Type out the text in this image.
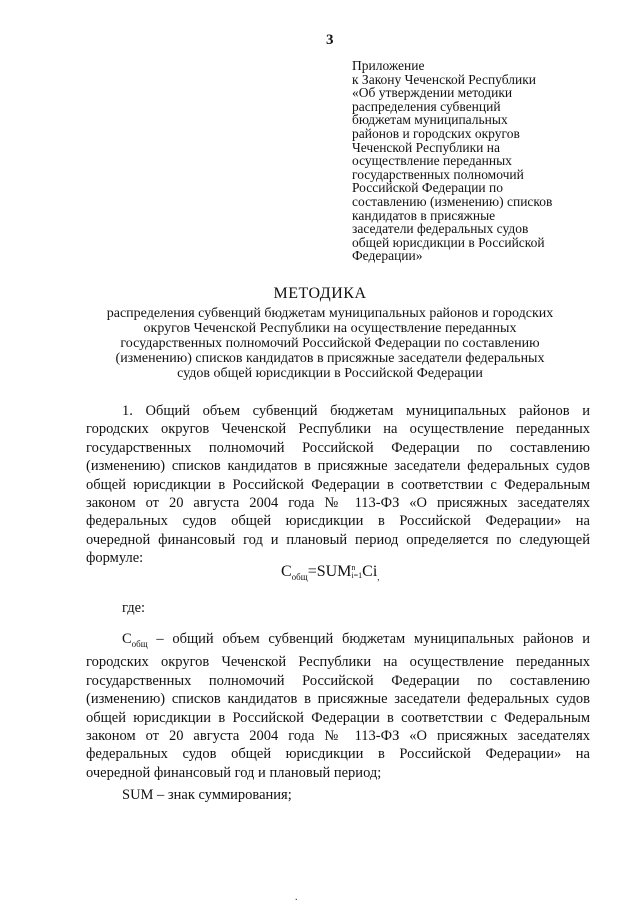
3
Приложение
к Закону Чеченской Республики
«Об утверждении методики
распределения субвенций
бюджетам муниципальных
районов и городских округов
Чеченской Республики на
осуществление переданных
государственных полномочий
Российской Федерации по
составлению (изменению) списков
кандидатов в присяжные
заседатели федеральных судов
общей юрисдикции в Российской
Федерации»
МЕТОДИКА
распределения субвенций бюджетам муниципальных районов и городских
округов Чеченской Республики на осуществление переданных
государственных полномочий Российской Федерации по составлению
(изменению) списков кандидатов в присяжные заседатели федеральных
судов общей юрисдикции в Российской Федерации
1. Общий объем субвенций бюджетам муниципальных районов и
городских округов Чеченской Республики на осуществление переданных
государственных полномочий Российской Федерации по составлению
(изменению) списков кандидатов в присяжные заседатели федеральных судов
общей юрисдикции в Российской Федерации в соответствии с Федеральным
законом от 20 августа 2004 года № 113-ФЗ «О присяжных заседателях
федеральных судов общей юрисдикции в Российской Федерации» на
очередной финансовый год и плановый период определяется по следующей
формуле:
$C_{общ}=SUM$ n
i=1 $Ci_,$
где:
$C_{общ}$ – общий объем субвенций бюджетам муниципальных районов и
городских округов Чеченской Республики на осуществление переданных
государственных полномочий Российской Федерации по составлению
(изменению) списков кандидатов в присяжные заседатели федеральных судов
общей юрисдикции в Российской Федерации в соответствии с Федеральным
законом от 20 августа 2004 года № 113-ФЗ «О присяжных заседателях
федеральных судов общей юрисдикции в Российской Федерации» на
очередной финансовый год и плановый период;
SUM – знак суммирования;
.
